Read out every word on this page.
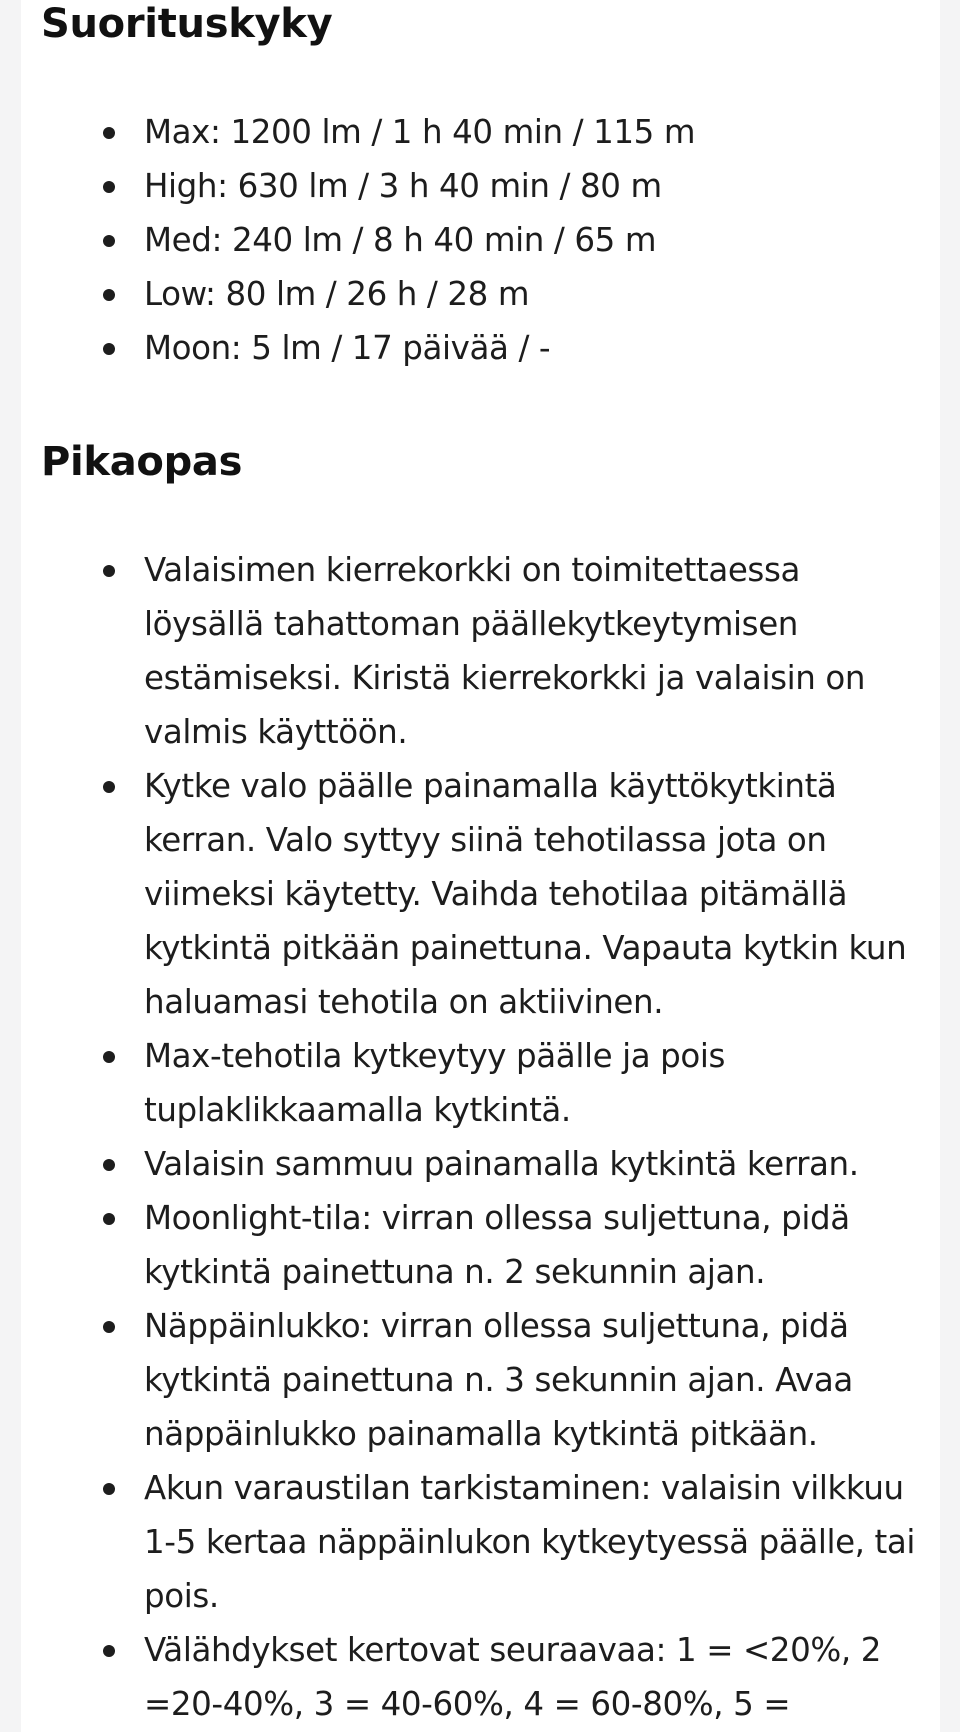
Suorituskyky
Max: 1200 lm / 1 h 40 min / 115 m
High: 630 lm / 3 h 40 min / 80 m
Med: 240 lm / 8 h 40 min / 65 m
Low: 80 lm / 26 h / 28 m
Moon: 5 lm / 17 päivää / -
Pikaopas
Valaisimen kierrekorkki on toimitettaessa löysällä tahattoman päällekytkeytymisen estämiseksi. Kiristä kierrekorkki ja valaisin on valmis käyttöön.
Kytke valo päälle painamalla käyttökytkintä kerran. Valo syttyy siinä tehotilassa jota on viimeksi käytetty. Vaihda tehotilaa pitämällä kytkintä pitkään painettuna. Vapauta kytkin kun haluamasi tehotila on aktiivinen.
Max-tehotila kytkeytyy päälle ja pois tuplaklikkaamalla kytkintä.
Valaisin sammuu painamalla kytkintä kerran.
Moonlight-tila: virran ollessa suljettuna, pidä kytkintä painettuna n. 2 sekunnin ajan.
Näppäinlukko: virran ollessa suljettuna, pidä kytkintä painettuna n. 3 sekunnin ajan. Avaa näppäinlukko painamalla kytkintä pitkään.
Akun varaustilan tarkistaminen: valaisin vilkkuu 1-5 kertaa näppäinlukon kytkeytyessä päälle, tai pois.
Välähdykset kertovat seuraavaa: 1 = <20%, 2 =20-40%, 3 = 40-60%, 4 = 60-80%, 5 =
